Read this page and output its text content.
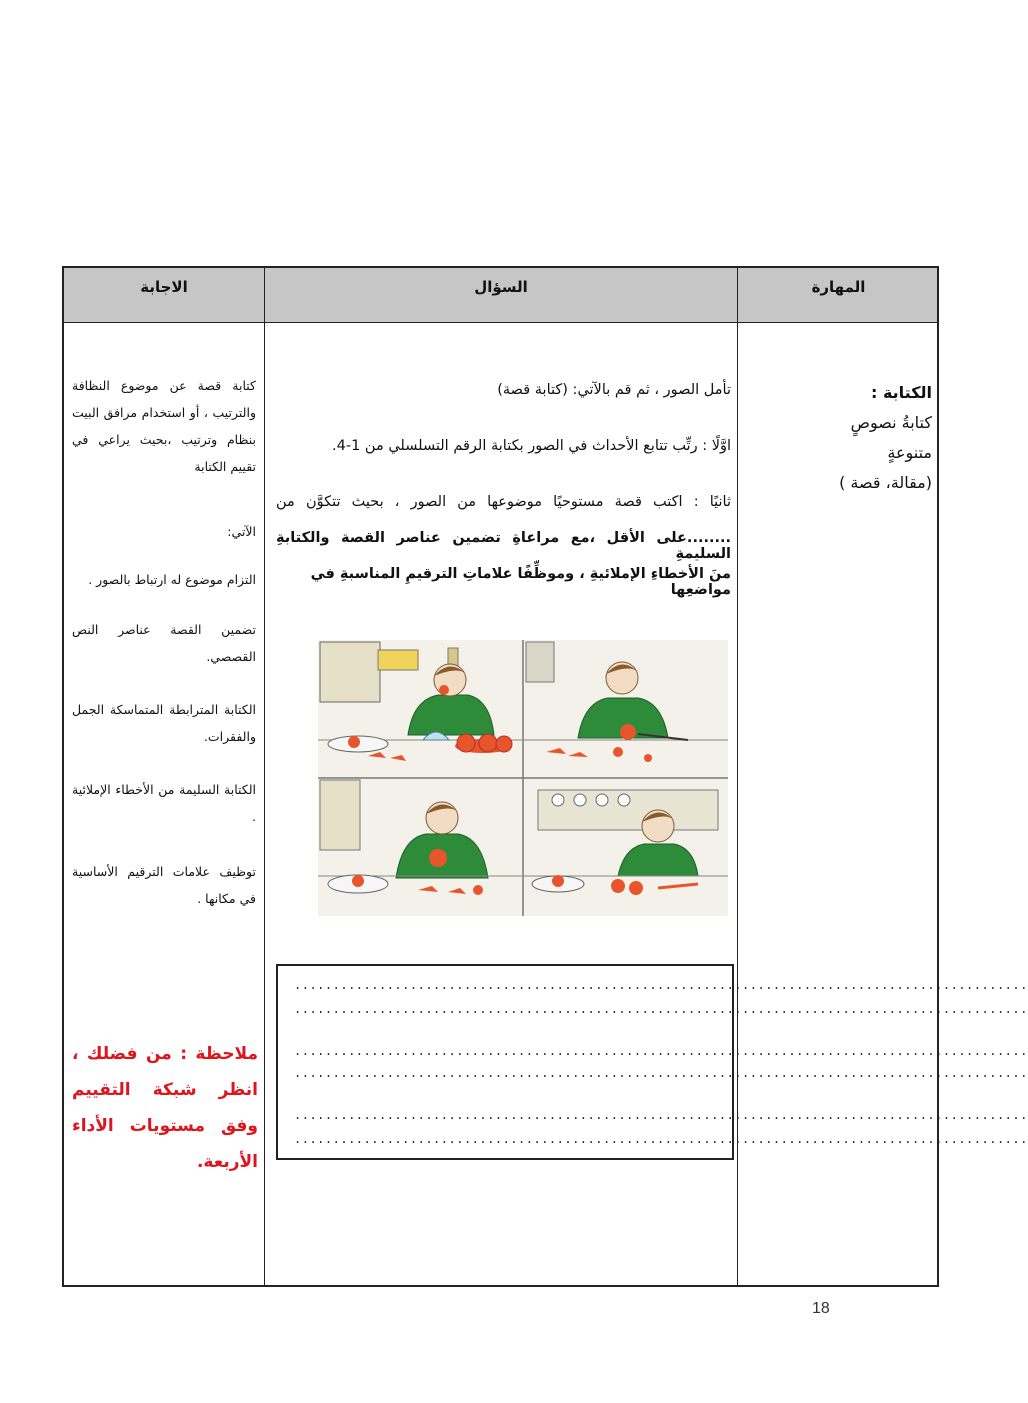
المهارة
السؤال
الاجابة
الكتابة :
كتابةُ نصوصٍ متنوعةٍ
(مقالة، قصة )
تأمل الصور ، ثم قم بالآتي: (كتابة قصة)
اوَّلًا : رتِّب تتابع الأحداث في الصور بكتابة الرقم التسلسلي من 1-4.
ثانيًا : اكتب قصة مستوحيًا موضوعها من الصور ، بحيث تتكوَّن من
........على الأقل ،مع مراعاةِ تضمين عناصر القصة والكتابةِ السليمةِ
منَ الأخطاءِ الإملائيةِ ، وموظِّفًا علاماتِ الترقيمِ المناسبةِ في مواضعِها
...............................................................................................
...............................................................................................
...............................................................................................
...............................................................................................
...............................................................................................
...............................................................................................
كتابة قصة عن موضوع النظافة والترتيب ، أو استخدام مرافق البيت بنظام وترتيب ،بحيث يراعي في تقييم الكتابة
الآتي:
التزام موضوع له ارتباط بالصور .
تضمين القصة عناصر النص القصصي.
الكتابة المترابطة المتماسكة الجمل والفقرات.
الكتابة السليمة من الأخطاء الإملائية .
توظيف علامات الترقيم الأساسية في مكانها .
ملاحظة : من فضلك ، انظر شبكة التقييم وفق مستويات الأداء الأربعة.
18
